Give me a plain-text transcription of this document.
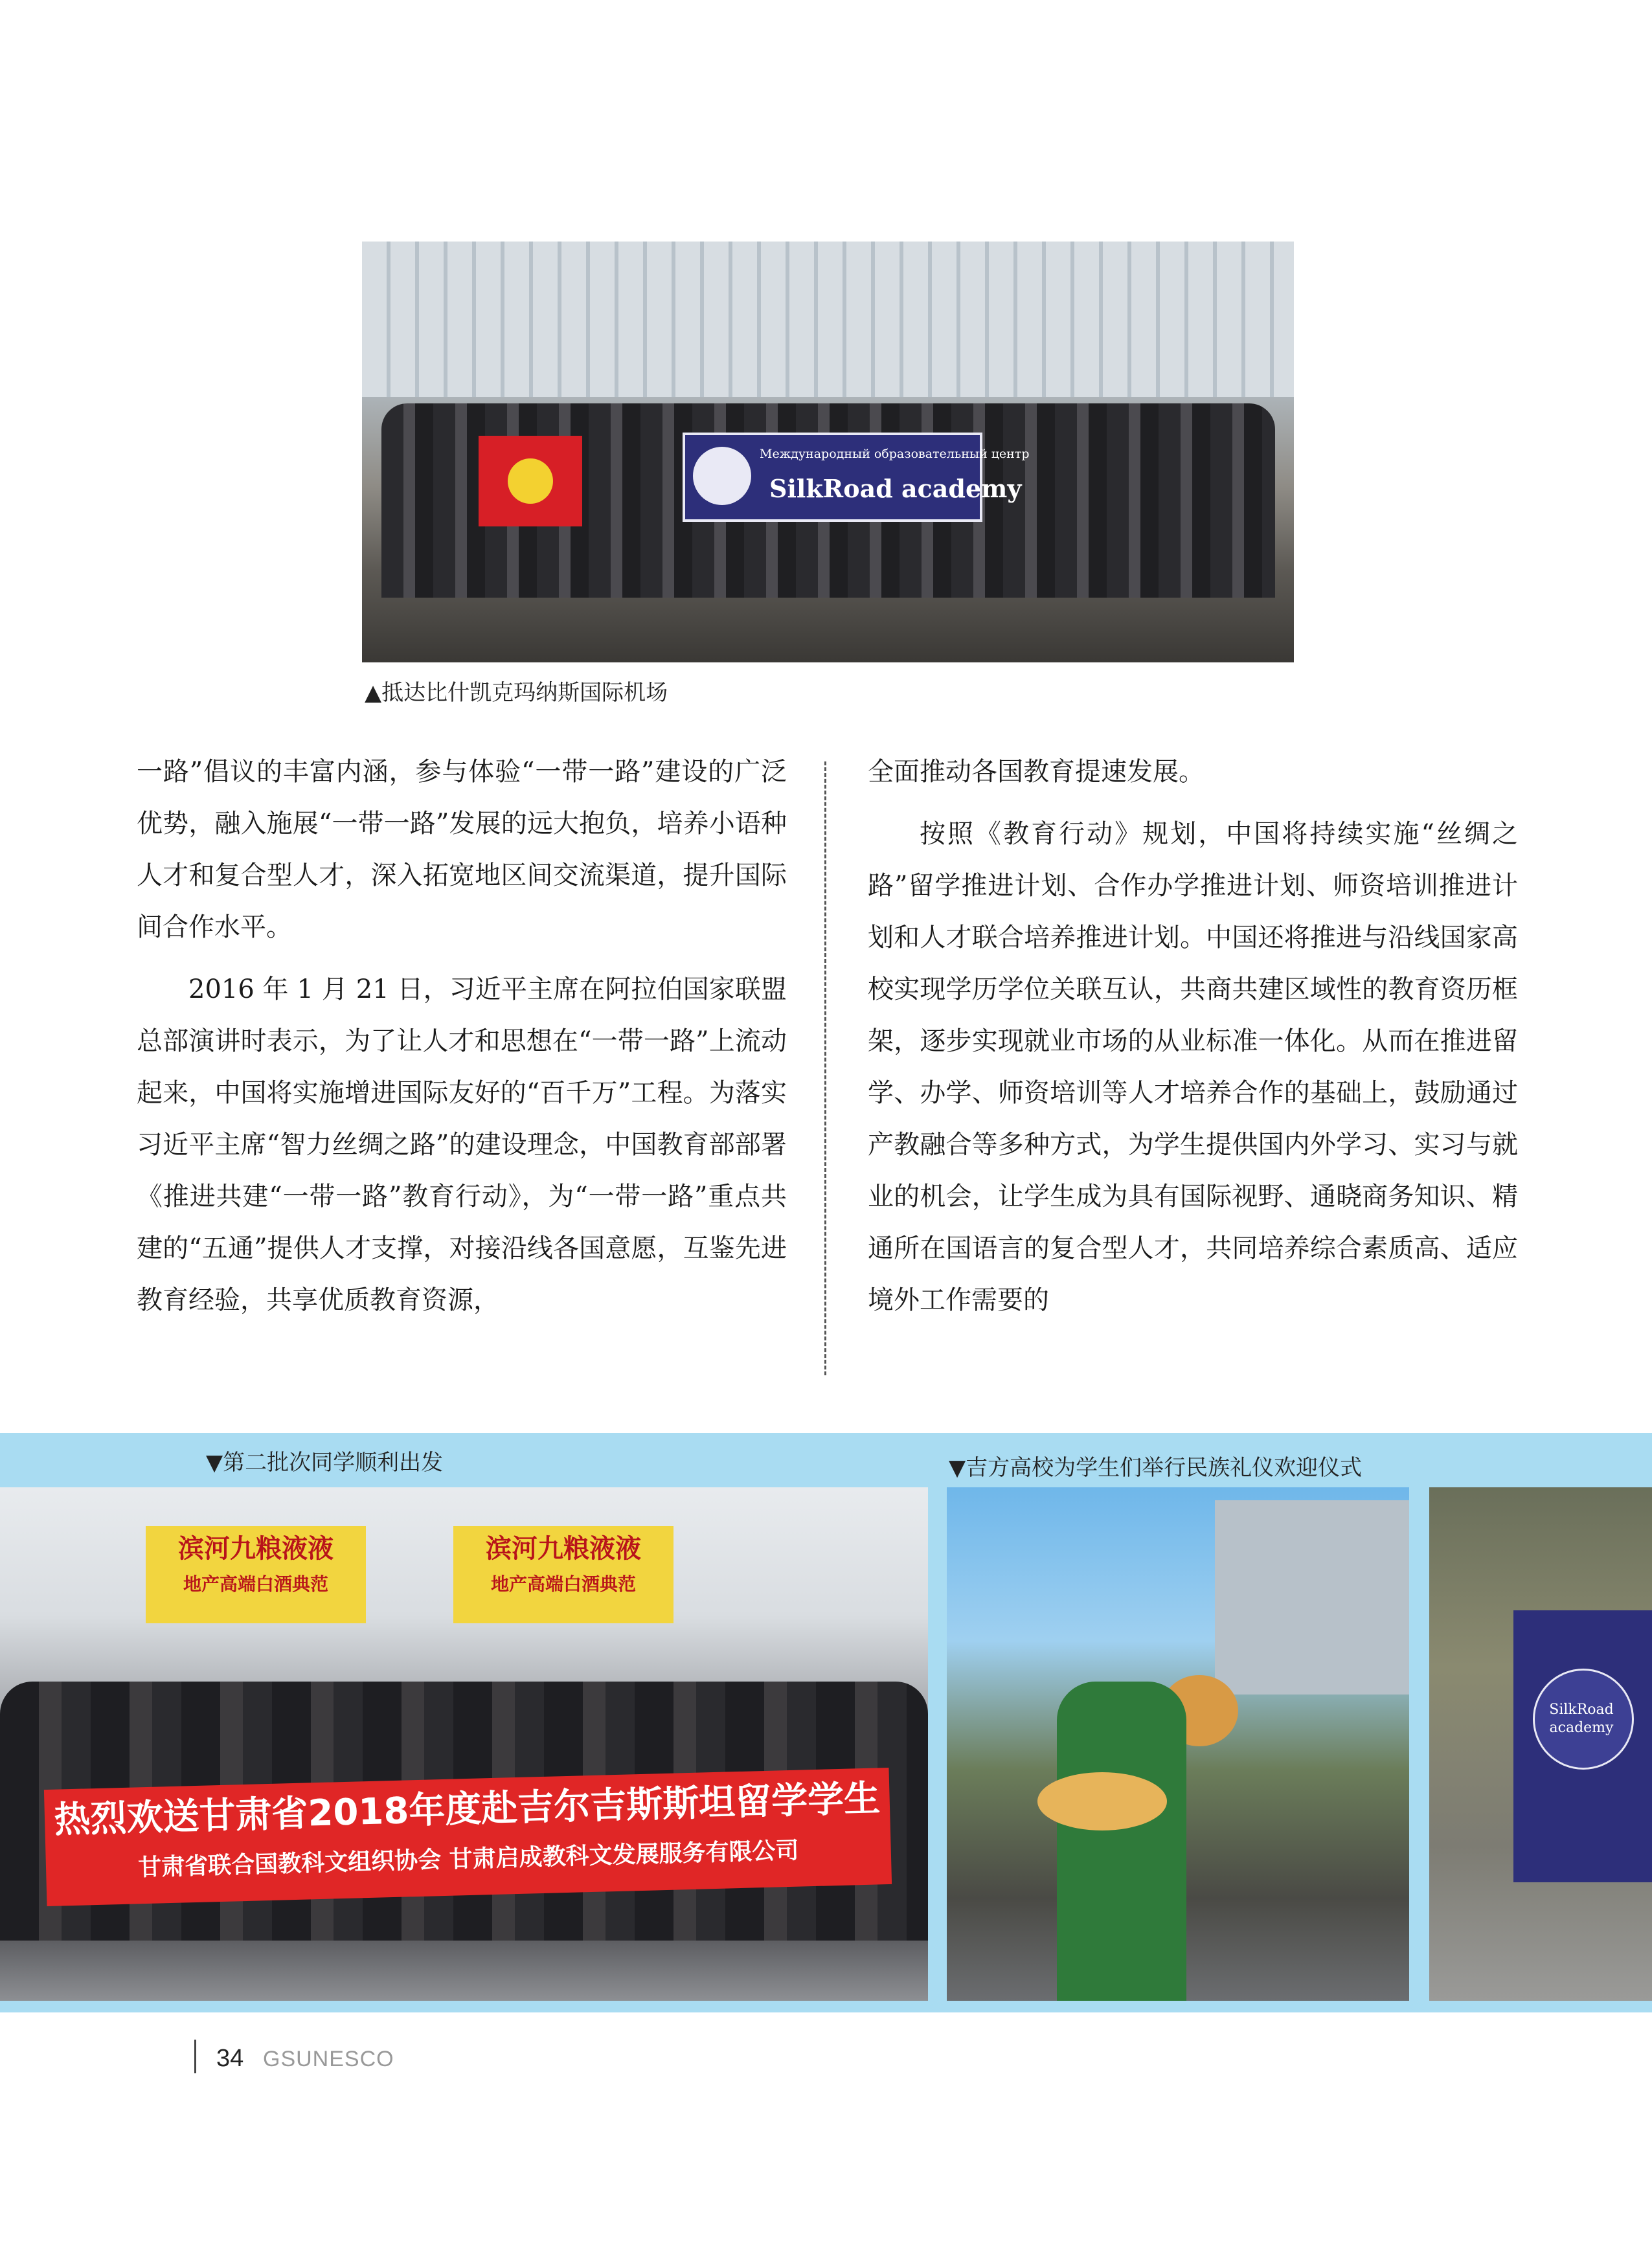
Международный образовательный центр
SilkRoad academy
▲抵达比什凯克玛纳斯国际机场

一路”倡议的丰富内涵，参与体验“一带一路”建设的广泛优势，融入施展“一带一路”发展的远大抱负，培养小语种人才和复合型人才，深入拓宽地区间交流渠道，提升国际间合作水平。

2016 年 1 月 21 日，习近平主席在阿拉伯国家联盟总部演讲时表示，为了让人才和思想在“一带一路”上流动起来，中国将实施增进国际友好的“百千万”工程。为落实习近平主席“智力丝绸之路”的建设理念，中国教育部部署《推进共建“一带一路”教育行动》，为“一带一路”重点共建的“五通”提供人才支撑，对接沿线各国意愿，互鉴先进教育经验，共享优质教育资源，

全面推动各国教育提速发展。

按照《教育行动》规划，中国将持续实施“丝绸之路”留学推进计划、合作办学推进计划、师资培训推进计划和人才联合培养推进计划。中国还将推进与沿线国家高校实现学历学位关联互认，共商共建区域性的教育资历框架，逐步实现就业市场的从业标准一体化。从而在推进留学、办学、师资培训等人才培养合作的基础上，鼓励通过产教融合等多种方式，为学生提供国内外学习、实习与就业的机会，让学生成为具有国际视野、通晓商务知识、精通所在国语言的复合型人才，共同培养综合素质高、适应境外工作需要的

▼第二批次同学顺利出发	▼吉方高校为学生们举行民族礼仪欢迎仪式
滨河九粮液液
地产高端白酒典范
滨河九粮液液
地产高端白酒典范
热烈欢送甘肃省2018年度赴吉尔吉斯斯坦留学学生
甘肃省联合国教科文组织协会 甘肃启成教科文发展服务有限公司
SilkRoad academy
34 GSUNESCO
